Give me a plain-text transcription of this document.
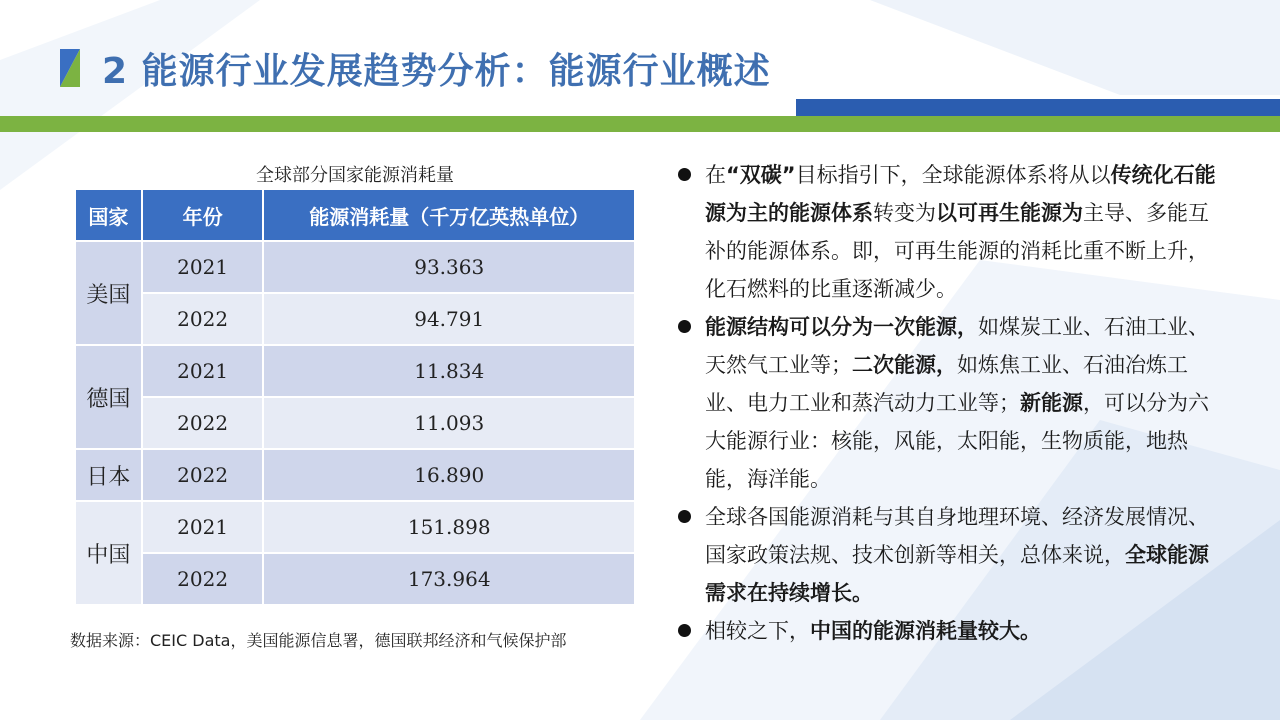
2 能源行业发展趋势分析：能源行业概述
全球部分国家能源消耗量
国家	年份	能源消耗量（千万亿英热单位）
美国	2021	93.363
	2022	94.791
德国	2021	11.834
	2022	11.093
日本	2022	16.890
中国	2021	151.898
	2022	173.964
数据来源：CEIC Data，美国能源信息署，德国联邦经济和气候保护部
在“双碳”目标指引下，全球能源体系将从以传统化石能源为主的能源体系转变为以可再生能源为主导、多能互补的能源体系。即，可再生能源的消耗比重不断上升，化石燃料的比重逐渐减少。
能源结构可以分为一次能源，如煤炭工业、石油工业、天然气工业等；二次能源，如炼焦工业、石油冶炼工业、电力工业和蒸汽动力工业等；新能源，可以分为六大能源行业：核能，风能，太阳能，生物质能，地热能，海洋能。
全球各国能源消耗与其自身地理环境、经济发展情况、国家政策法规、技术创新等相关，总体来说，全球能源需求在持续增长。
相较之下，中国的能源消耗量较大。
